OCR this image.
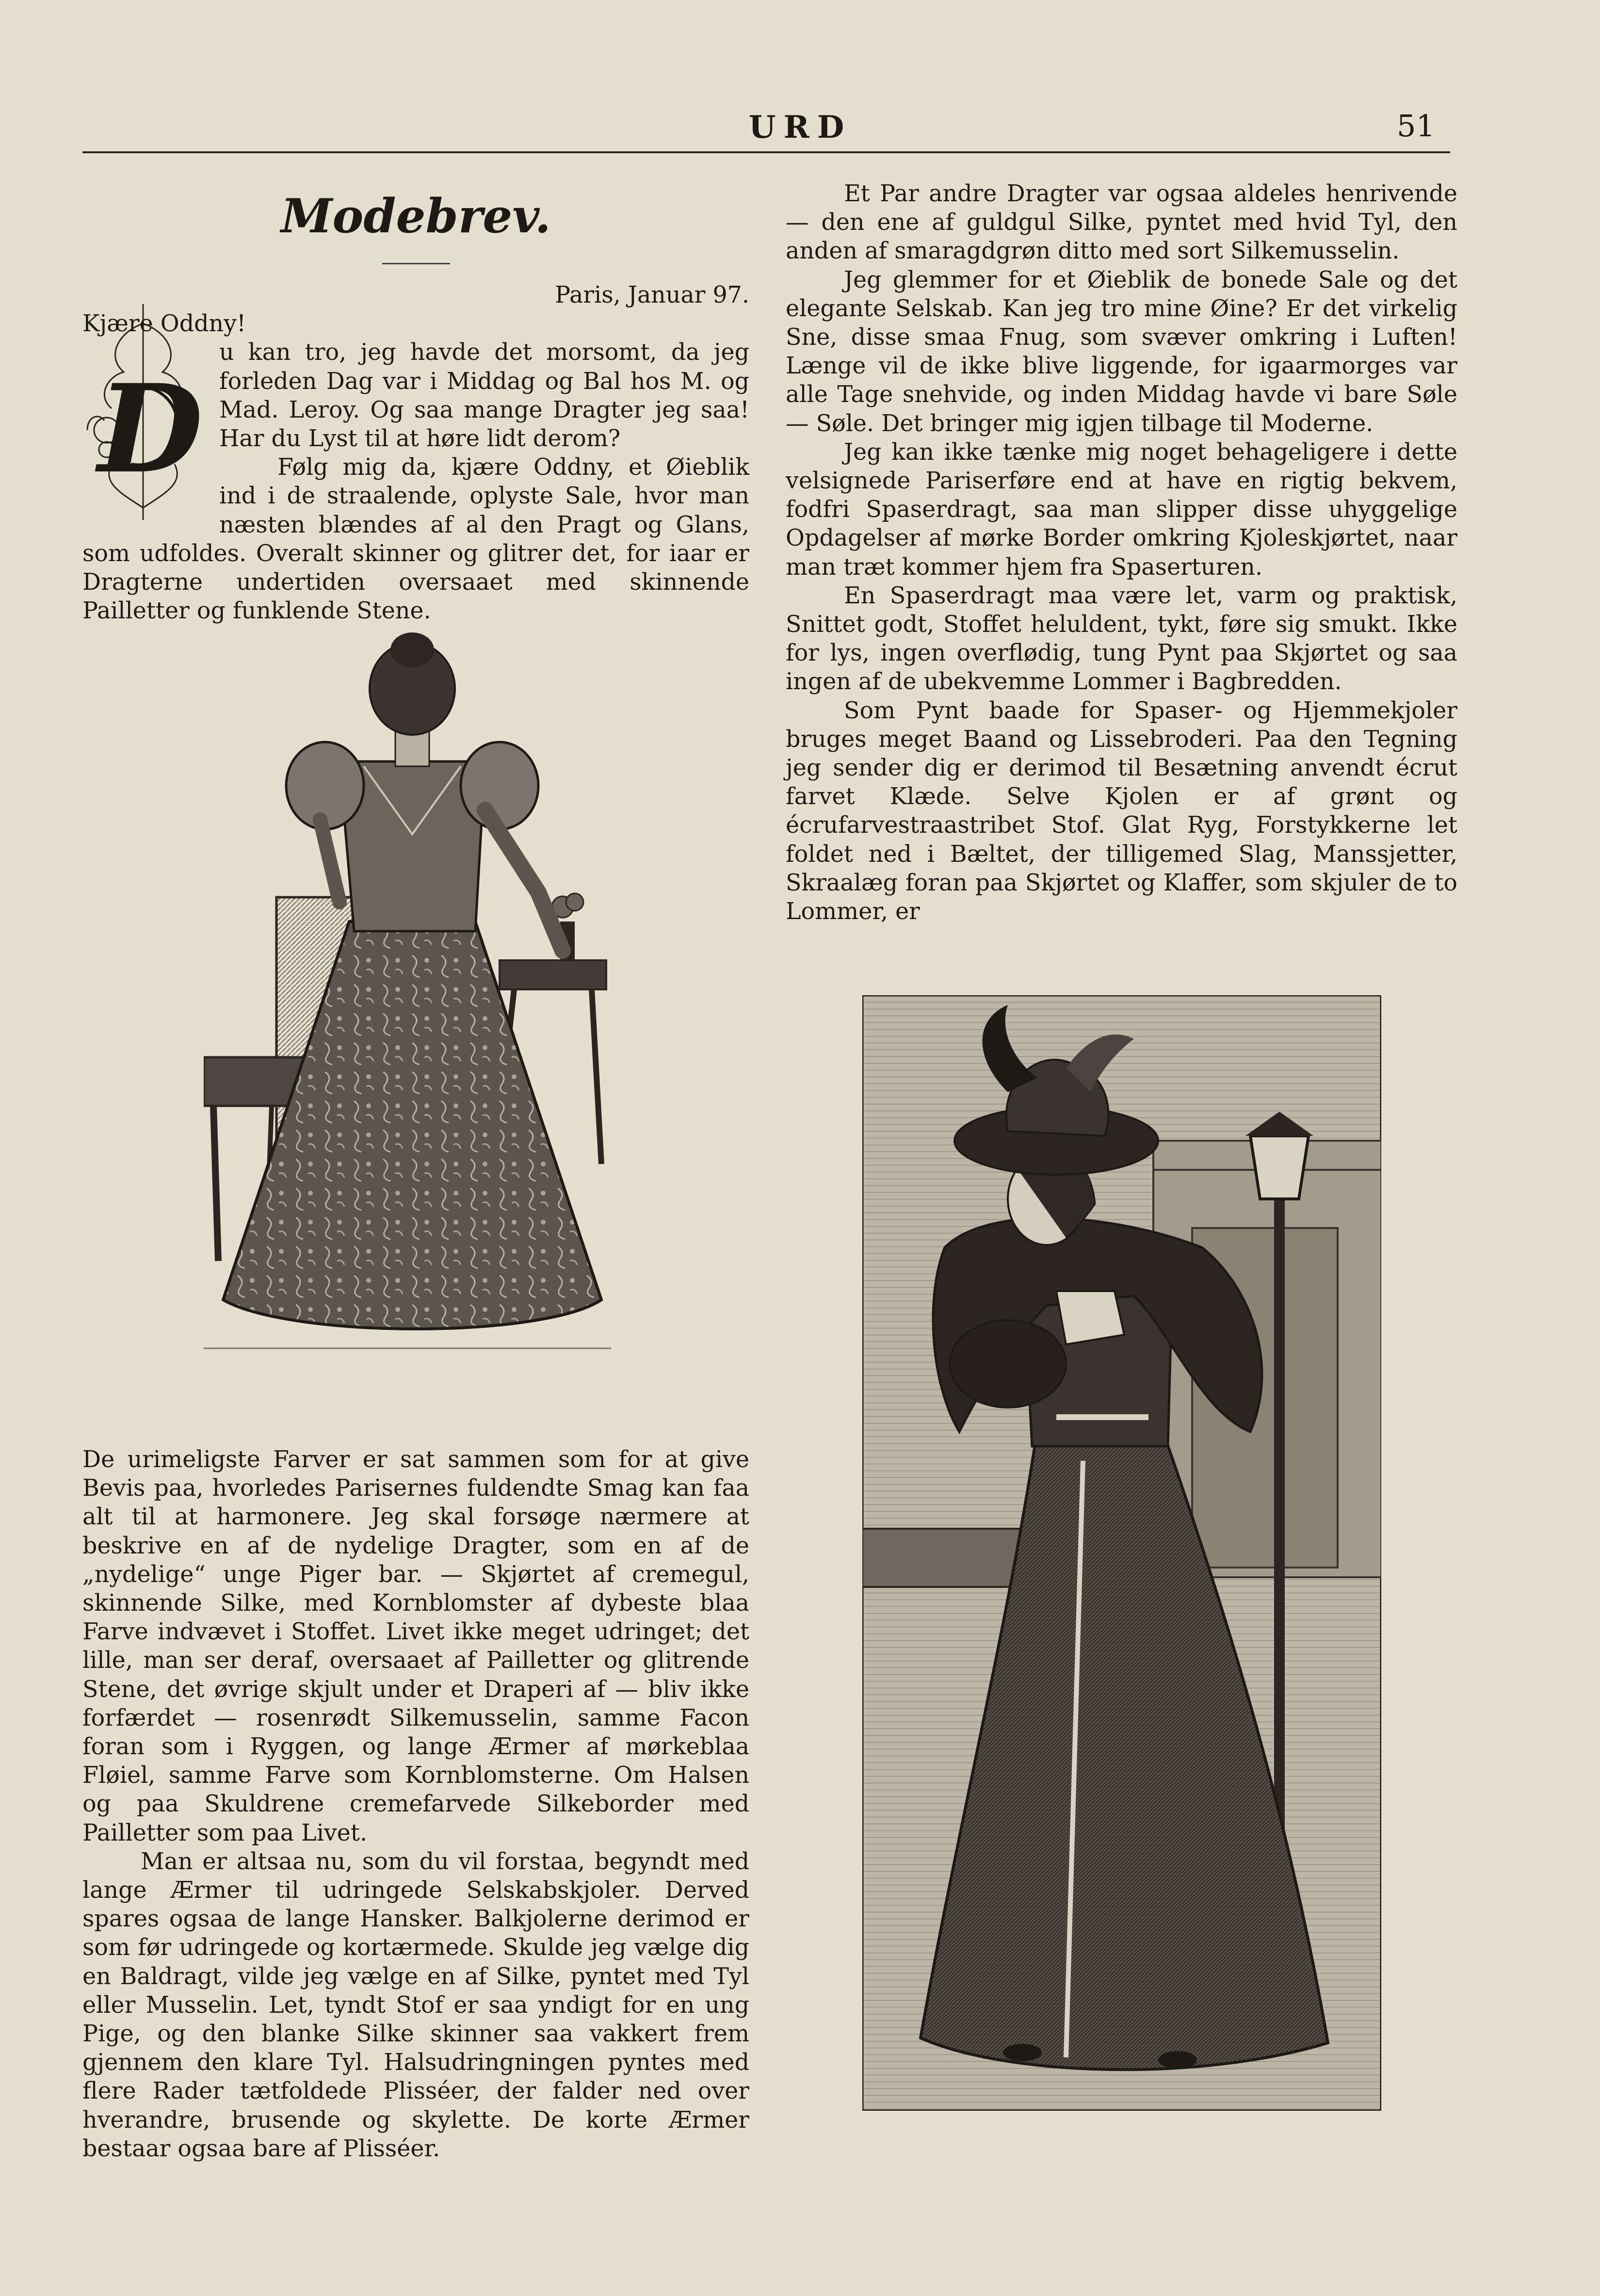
URD	51
Modebrev.

Paris, Januar 97.

Kjære Oddny!

D

u kan tro, jeg havde det morsomt, da jeg forleden Dag var i Middag og Bal hos M. og Mad. Leroy. Og saa mange Dragter jeg saa! Har du Lyst til at høre lidt derom?

Følg mig da, kjære Oddny, et Øieblik ind i de straalende, oplyste Sale, hvor man næsten blændes af al den Pragt og Glans, som udfoldes. Overalt skinner og glitrer det, for iaar er Dragterne undertiden oversaaet med skinnende Pailletter og funklende Stene.

De urimeligste Farver er sat sammen som for at give Bevis paa, hvorledes Parisernes fuldendte Smag kan faa alt til at harmonere. Jeg skal forsøge nærmere at beskrive en af de nydelige Dragter, som en af de „nydelige“ unge Piger bar. — Skjørtet af cremegul, skinnende Silke, med Kornblomster af dybeste blaa Farve indvævet i Stoffet. Livet ikke meget udringet; det lille, man ser deraf, oversaaet af Pailletter og glitrende Stene, det øvrige skjult under et Draperi af — bliv ikke forfærdet — rosenrødt Silkemusselin, samme Facon foran som i Ryggen, og lange Ærmer af mørkeblaa Fløiel, samme Farve som Kornblomsterne. Om Halsen og paa Skuldrene cremefarvede Silkeborder med Pailletter som paa Livet.

Man er altsaa nu, som du vil forstaa, begyndt med lange Ærmer til udringede Selskabskjoler. Derved spares ogsaa de lange Hansker. Balkjolerne derimod er som før udringede og kortærmede. Skulde jeg vælge dig en Baldragt, vilde jeg vælge en af Silke, pyntet med Tyl eller Musselin. Let, tyndt Stof er saa yndigt for en ung Pige, og den blanke Silke skinner saa vakkert frem gjennem den klare Tyl. Halsudringningen pyntes med flere Rader tætfoldede Plisséer, der falder ned over hverandre, brusende og skylette. De korte Ærmer bestaar ogsaa bare af Plisséer.

Et Par andre Dragter var ogsaa aldeles henrivende — den ene af guldgul Silke, pyntet med hvid Tyl, den anden af smaragdgrøn ditto med sort Silkemusselin.

Jeg glemmer for et Øieblik de bonede Sale og det elegante Selskab. Kan jeg tro mine Øine? Er det virkelig Sne, disse smaa Fnug, som svæver omkring i Luften! Længe vil de ikke blive liggende, for igaarmorges var alle Tage snehvide, og inden Middag havde vi bare Søle — Søle. Det bringer mig igjen tilbage til Moderne.

Jeg kan ikke tænke mig noget behageligere i dette velsignede Pariserføre end at have en rigtig bekvem, fodfri Spaserdragt, saa man slipper disse uhyggelige Opdagelser af mørke Border omkring Kjoleskjørtet, naar man træt kommer hjem fra Spaserturen.

En Spaserdragt maa være let, varm og praktisk, Snittet godt, Stoffet heluldent, tykt, føre sig smukt. Ikke for lys, ingen overflødig, tung Pynt paa Skjørtet og saa ingen af de ubekvemme Lommer i Bagbredden.

Som Pynt baade for Spaser- og Hjemmekjoler bruges meget Baand og Lissebroderi. Paa den Tegning jeg sender dig er derimod til Besætning anvendt écrut farvet Klæde. Selve Kjolen er af grønt og écrufarvestraastribet Stof. Glat Ryg, Forstykkerne let foldet ned i Bæltet, der tilligemed Slag, Manssjetter, Skraalæg foran paa Skjørtet og Klaffer, som skjuler de to Lommer, er
